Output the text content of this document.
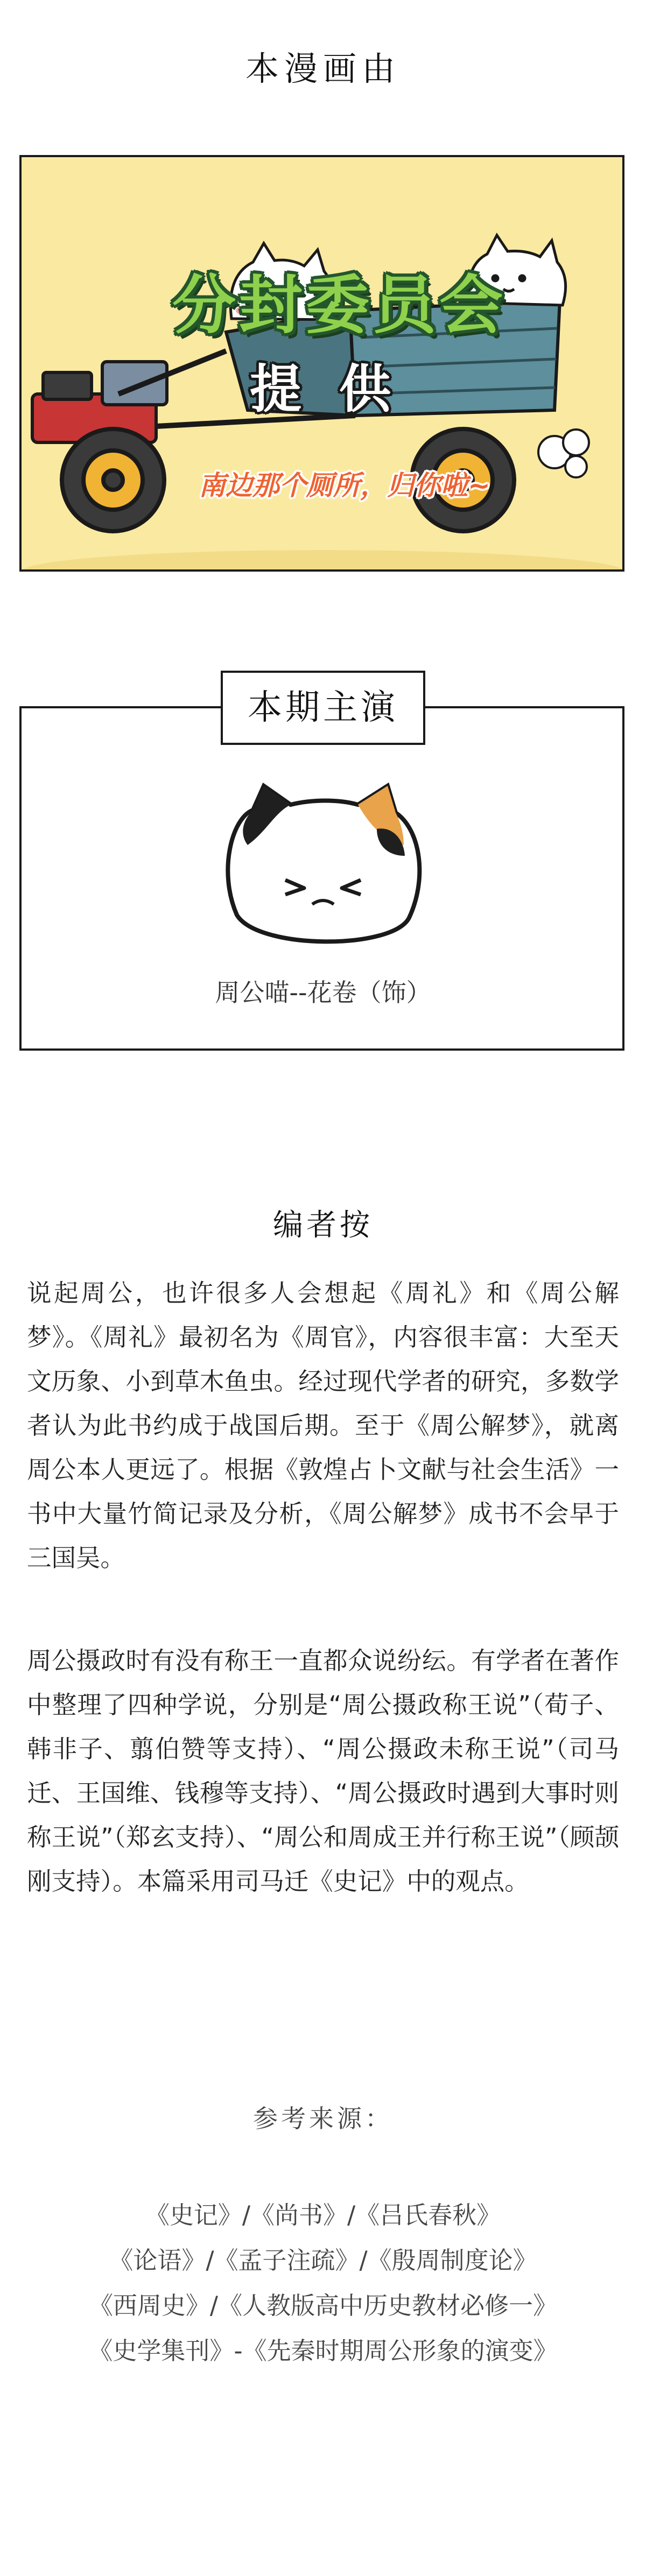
本漫画由
分封委员会
提供
南边那个厕所，归你啦~
本期主演
周公喵--花卷（饰）
编者按

说起周公，也许很多人会想起《周礼》和《周公解梦》。《周礼》最初名为《周官》，内容很丰富：大至天文历象、小到草木鱼虫。经过现代学者的研究，多数学者认为此书约成于战国后期。至于《周公解梦》，就离周公本人更远了。根据《敦煌占卜文献与社会生活》一书中大量竹简记录及分析，《周公解梦》成书不会早于三国吴。

周公摄政时有没有称王一直都众说纷纭。有学者在著作中整理了四种学说，分别是“周公摄政称王说”（荀子、韩非子、翦伯赞等支持）、“周公摄政未称王说”（司马迁、王国维、钱穆等支持）、“周公摄政时遇到大事时则称王说”（郑玄支持）、“周公和周成王并行称王说”（顾颉刚支持）。本篇采用司马迁《史记》中的观点。

参考来源：
《史记》/《尚书》/《吕氏春秋》
《论语》/《孟子注疏》/《殷周制度论》
《西周史》/《人教版高中历史教材必修一》
《史学集刊》-《先秦时期周公形象的演变》
